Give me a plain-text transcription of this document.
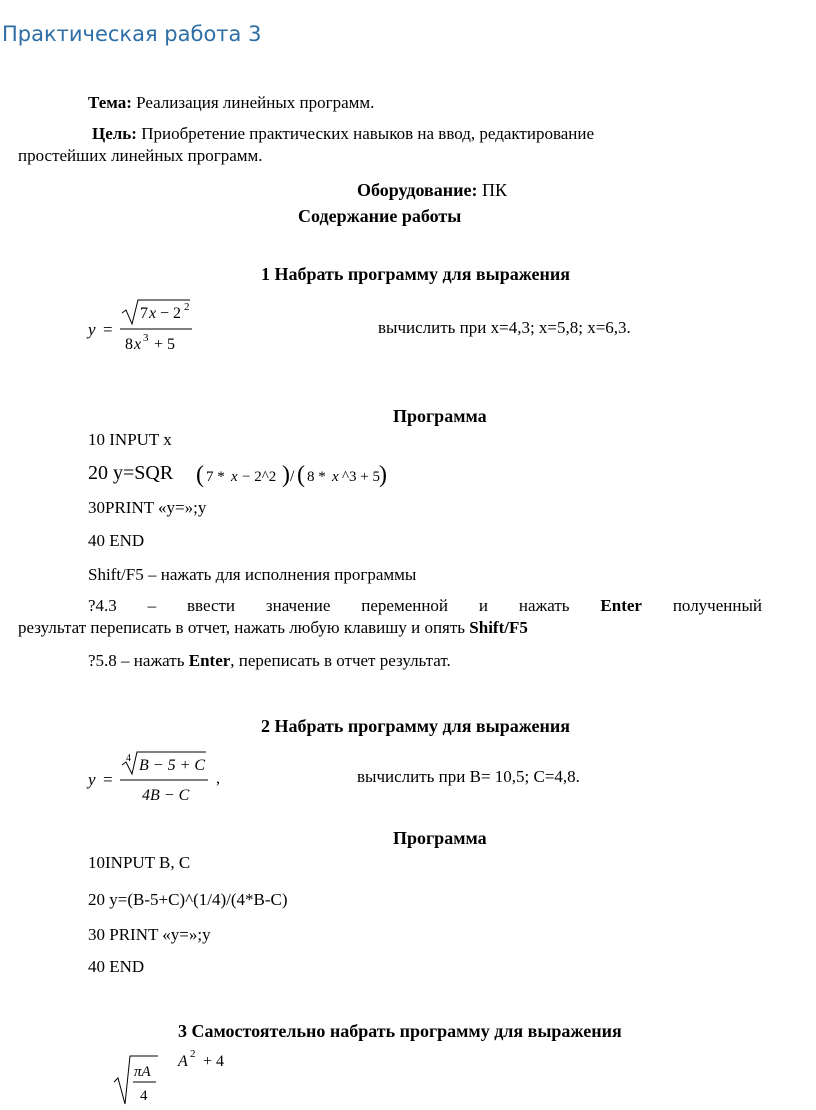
Практическая работа 3
Тема: Реализация линейных программ.
Цель: Приобретение практических навыков на ввод, редактирование
простейших линейных программ.
Оборудование: ПК
Содержание работы
1 Набрать программу для выражения
y =
7 x − 2 2
8 x 3 + 5
вычислить при x=4,3; x=5,8; x=6,3.
Программа
10 INPUT x
20 y=SQR ( 7 * x − 2^2 ) / ( 8 * x ^3 + 5 )
30PRINT «у=»;у
40 END
Shift/F5 – нажать для исполнения программы
?4.3 – ввести значение переменной и нажать Enter полученный
результат переписать в отчет, нажать любую клавишу и опять Shift/F5
?5.8 – нажать Enter, переписать в отчет результат.
2 Набрать программу для выражения
y =
4 B − 5 + C
4B − C
,	вычислить при B= 10,5; C=4,8.
Программа
10INPUT B, C
20 y=(B-5+C)^(1/4)/(4*B-C)
30 PRINT «y=»;y
40 END
3 Самостоятельно набрать программу для выражения
πA
4
A 2 + 4
